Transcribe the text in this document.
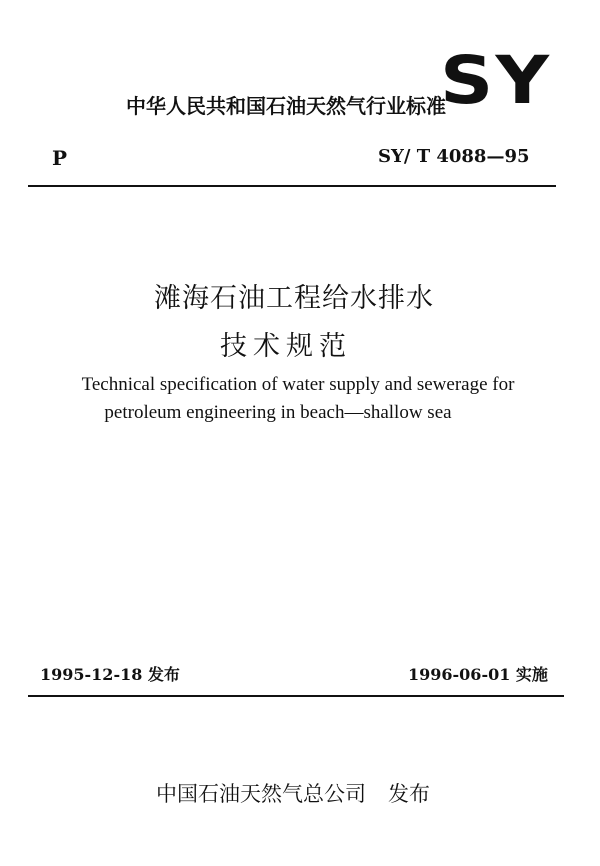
中华人民共和国石油天然气行业标准
SY
P	SY/ T 4088—95
滩海石油工程给水排水
技术规范
Technical specification of water supply and sewerage for
petroleum engineering in beach—shallow sea
1995-12-18 发布	1996-06-01 实施
中国石油天然气总公司 发布
